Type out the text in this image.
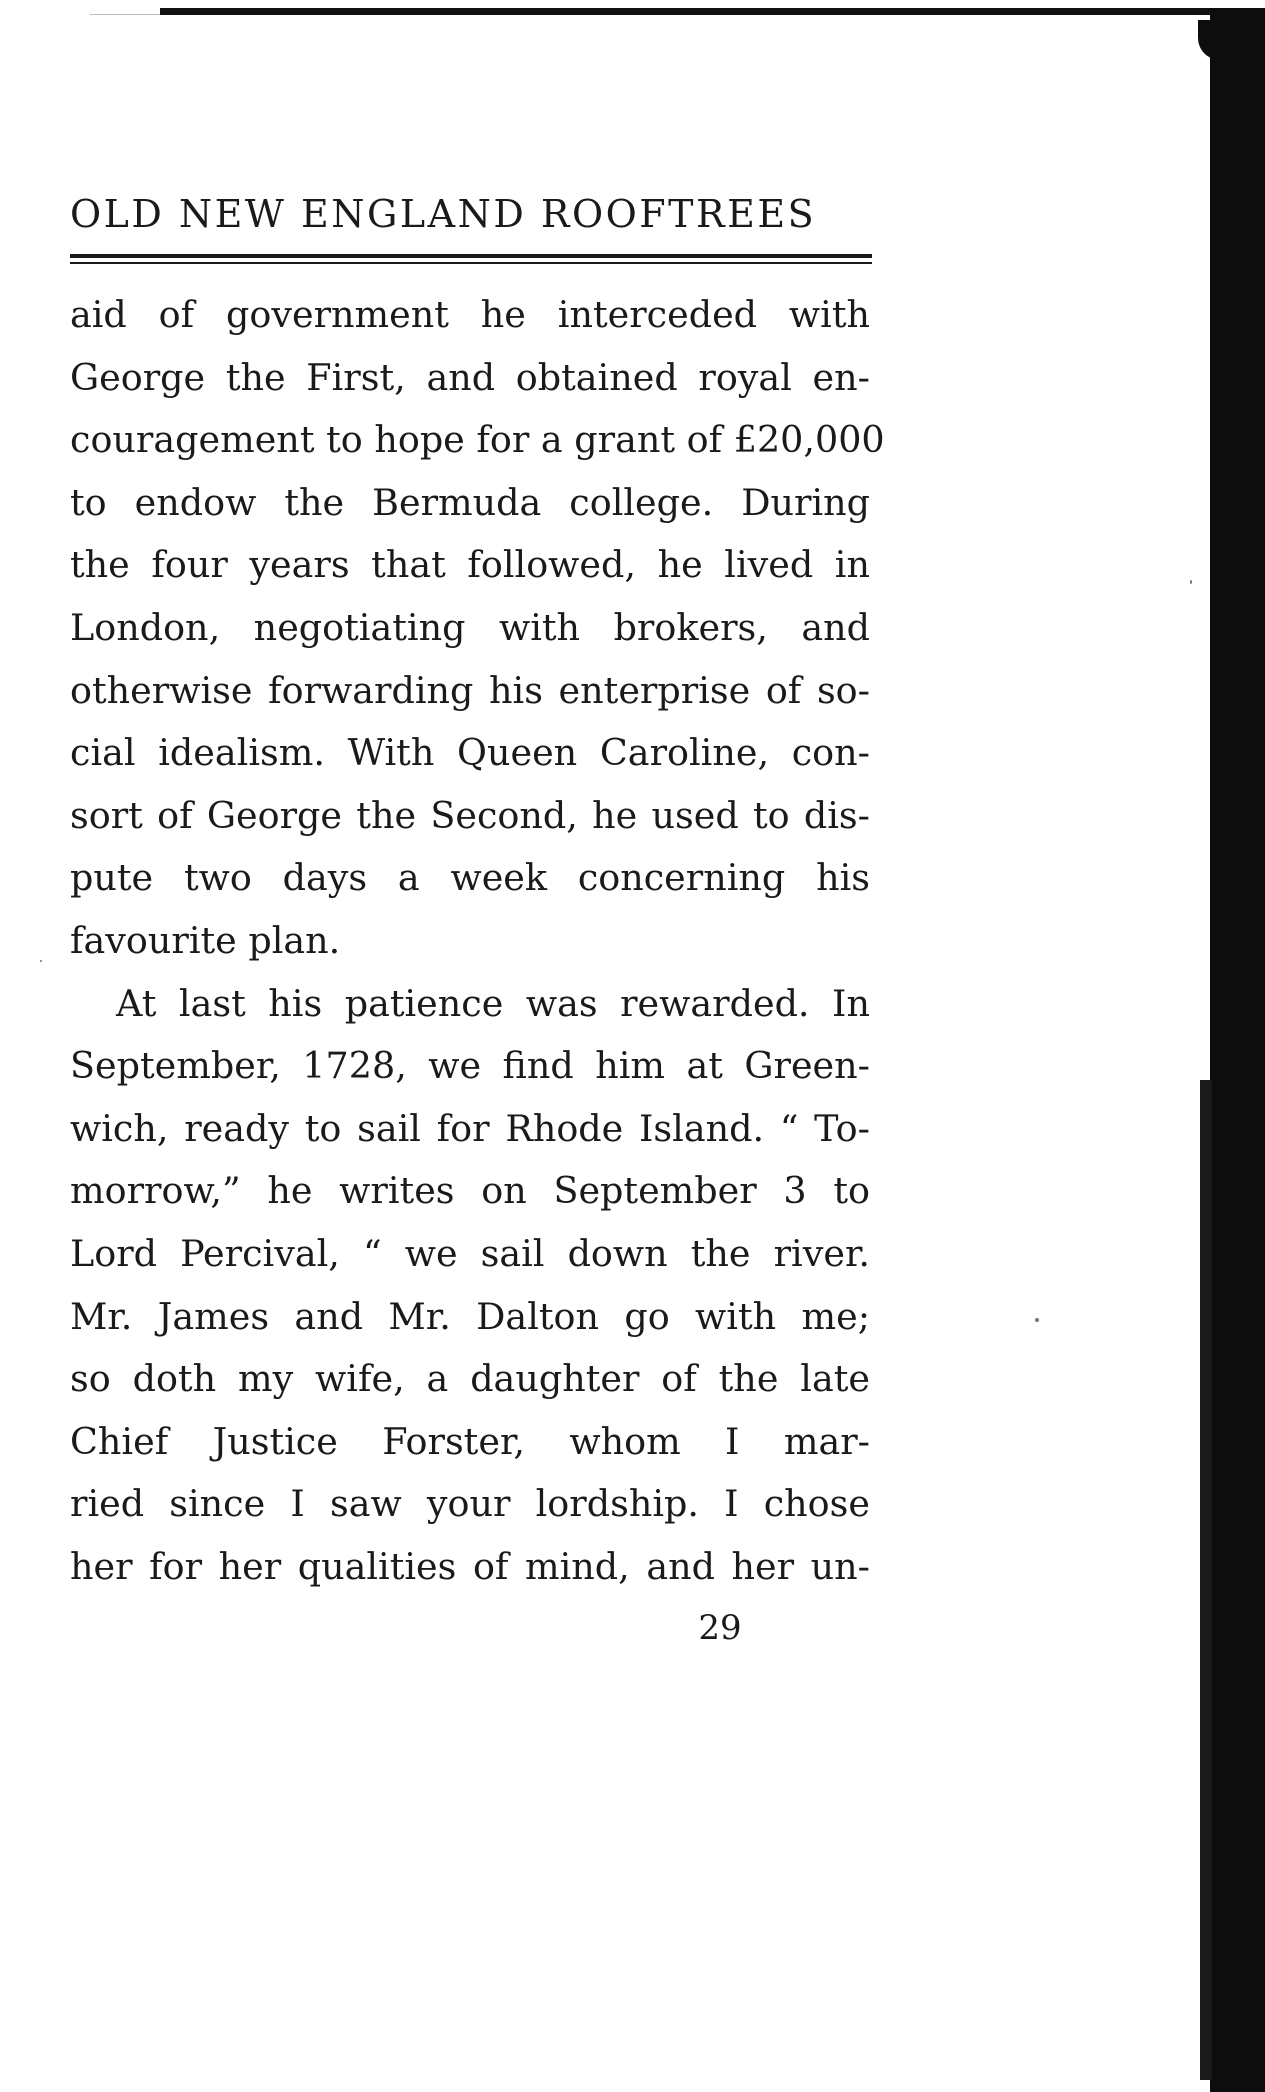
OLD NEW ENGLAND ROOFTREES
aid of government he interceded with
George the First, and obtained royal en-
couragement to hope for a grant of £20,000
to endow the Bermuda college. During
the four years that followed, he lived in
London, negotiating with brokers, and
otherwise forwarding his enterprise of so-
cial idealism. With Queen Caroline, con-
sort of George the Second, he used to dis-
pute two days a week concerning his
favourite plan.
At last his patience was rewarded. In
September, 1728, we find him at Green-
wich, ready to sail for Rhode Island. “ To-
morrow,” he writes on September 3 to
Lord Percival, “ we sail down the river.
Mr. James and Mr. Dalton go with me;
so doth my wife, a daughter of the late
Chief Justice Forster, whom I mar-
ried since I saw your lordship. I chose
her for her qualities of mind, and her un-
29
